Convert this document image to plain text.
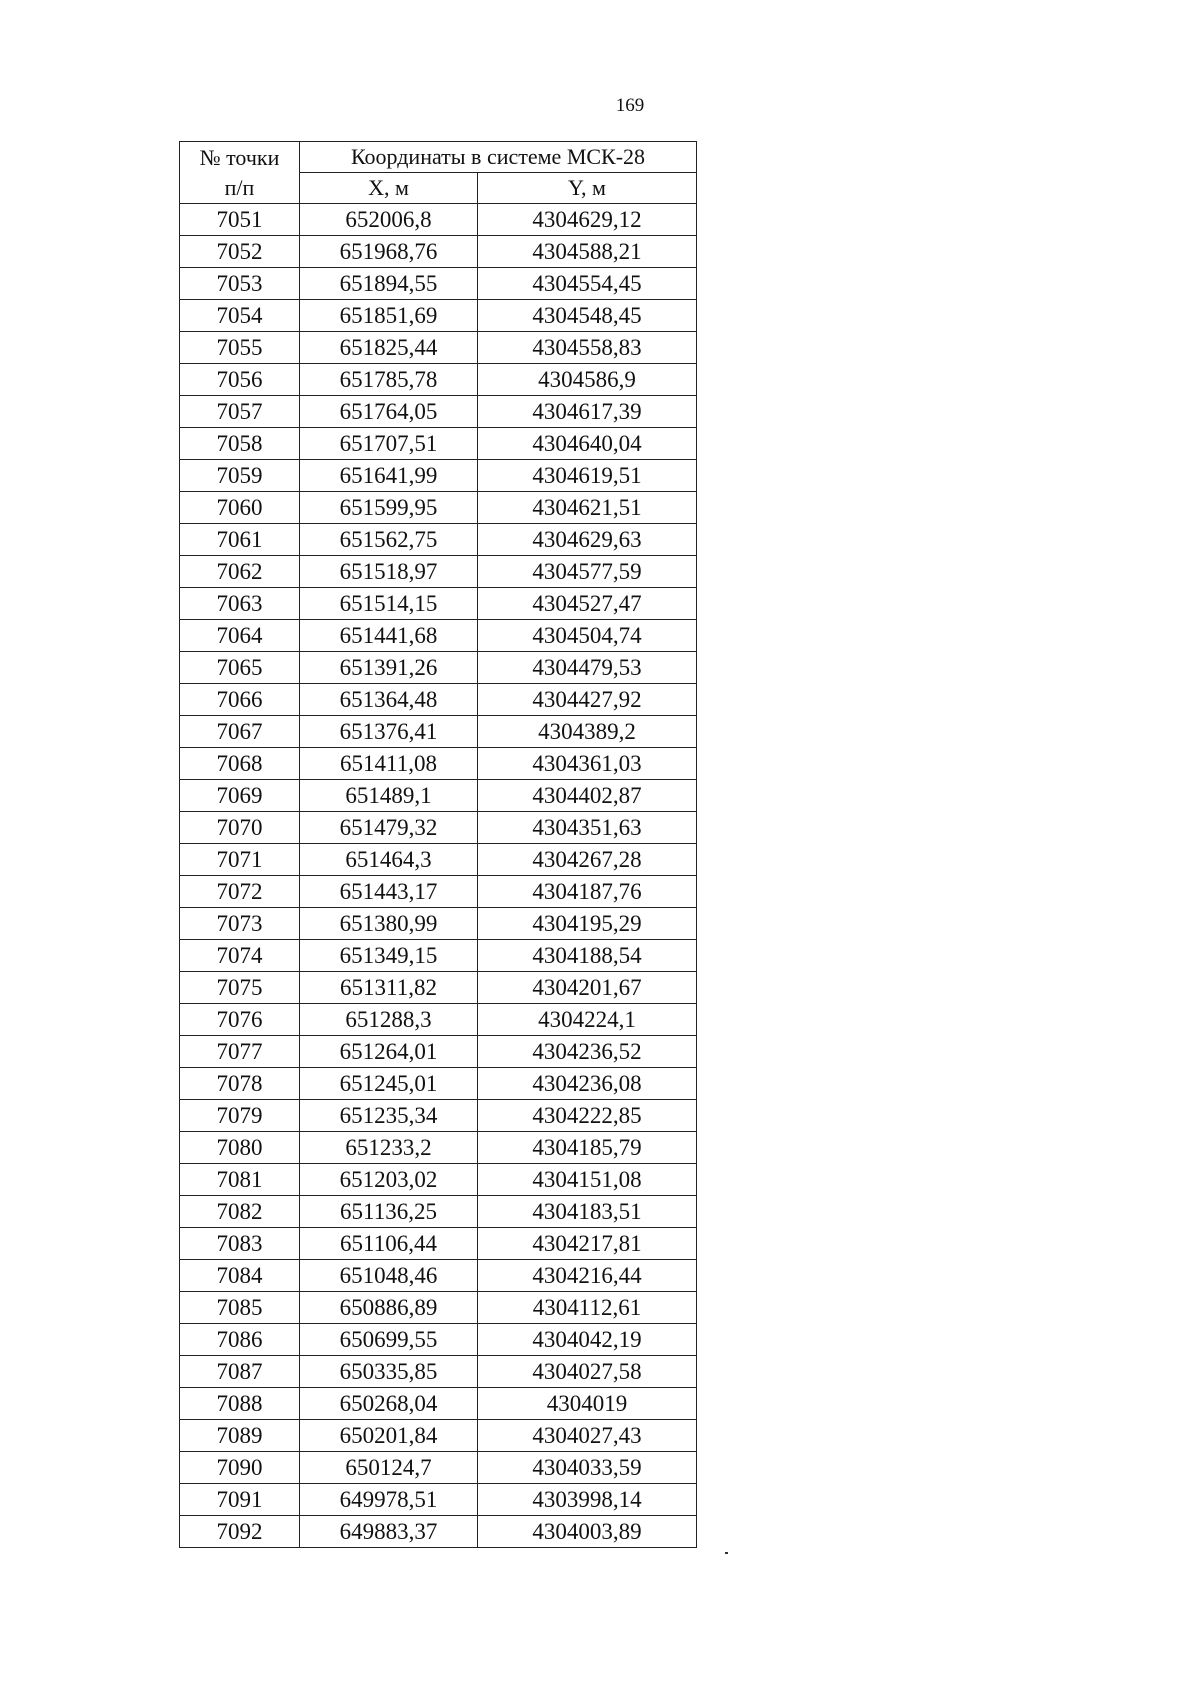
169
№ точки
п/п	Координаты в системе МСК-28	
	X, м	Y, м
7051	652006,8	4304629,12
7052	651968,76	4304588,21
7053	651894,55	4304554,45
7054	651851,69	4304548,45
7055	651825,44	4304558,83
7056	651785,78	4304586,9
7057	651764,05	4304617,39
7058	651707,51	4304640,04
7059	651641,99	4304619,51
7060	651599,95	4304621,51
7061	651562,75	4304629,63
7062	651518,97	4304577,59
7063	651514,15	4304527,47
7064	651441,68	4304504,74
7065	651391,26	4304479,53
7066	651364,48	4304427,92
7067	651376,41	4304389,2
7068	651411,08	4304361,03
7069	651489,1	4304402,87
7070	651479,32	4304351,63
7071	651464,3	4304267,28
7072	651443,17	4304187,76
7073	651380,99	4304195,29
7074	651349,15	4304188,54
7075	651311,82	4304201,67
7076	651288,3	4304224,1
7077	651264,01	4304236,52
7078	651245,01	4304236,08
7079	651235,34	4304222,85
7080	651233,2	4304185,79
7081	651203,02	4304151,08
7082	651136,25	4304183,51
7083	651106,44	4304217,81
7084	651048,46	4304216,44
7085	650886,89	4304112,61
7086	650699,55	4304042,19
7087	650335,85	4304027,58
7088	650268,04	4304019
7089	650201,84	4304027,43
7090	650124,7	4304033,59
7091	649978,51	4303998,14
7092	649883,37	4304003,89
